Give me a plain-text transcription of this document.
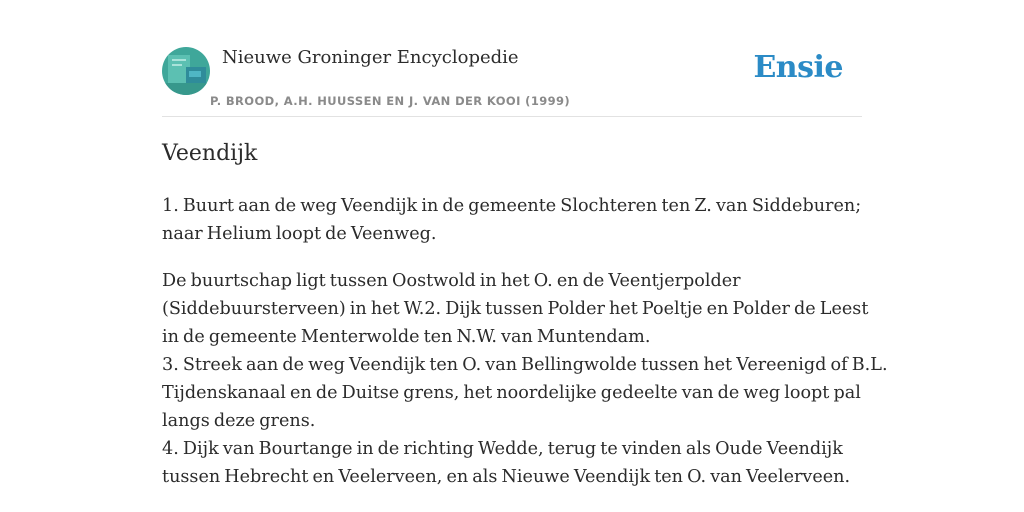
Nieuwe Groninger Encyclopedie
P. BROOD, A.H. HUUSSEN EN J. VAN DER KOOI (1999)
Ensie
Veendijk

1. Buurt aan de weg Veendijk in de gemeente Slochteren ten Z. van Siddeburen;
naar Helium loopt de Veenweg.

De buurtschap ligt tussen Oostwold in het O. en de Veentjerpolder
(Siddebuursterveen) in het W.2. Dijk tussen Polder het Poeltje en Polder de Leest
in de gemeente Menterwolde ten N.W. van Muntendam.
3. Streek aan de weg Veendijk ten O. van Bellingwolde tussen het Vereenigd of B.L.
Tijdenskanaal en de Duitse grens, het noordelijke gedeelte van de weg loopt pal
langs deze grens.
4. Dijk van Bourtange in de richting Wedde, terug te vinden als Oude Veendijk
tussen Hebrecht en Veelerveen, en als Nieuwe Veendijk ten O. van Veelerveen.
